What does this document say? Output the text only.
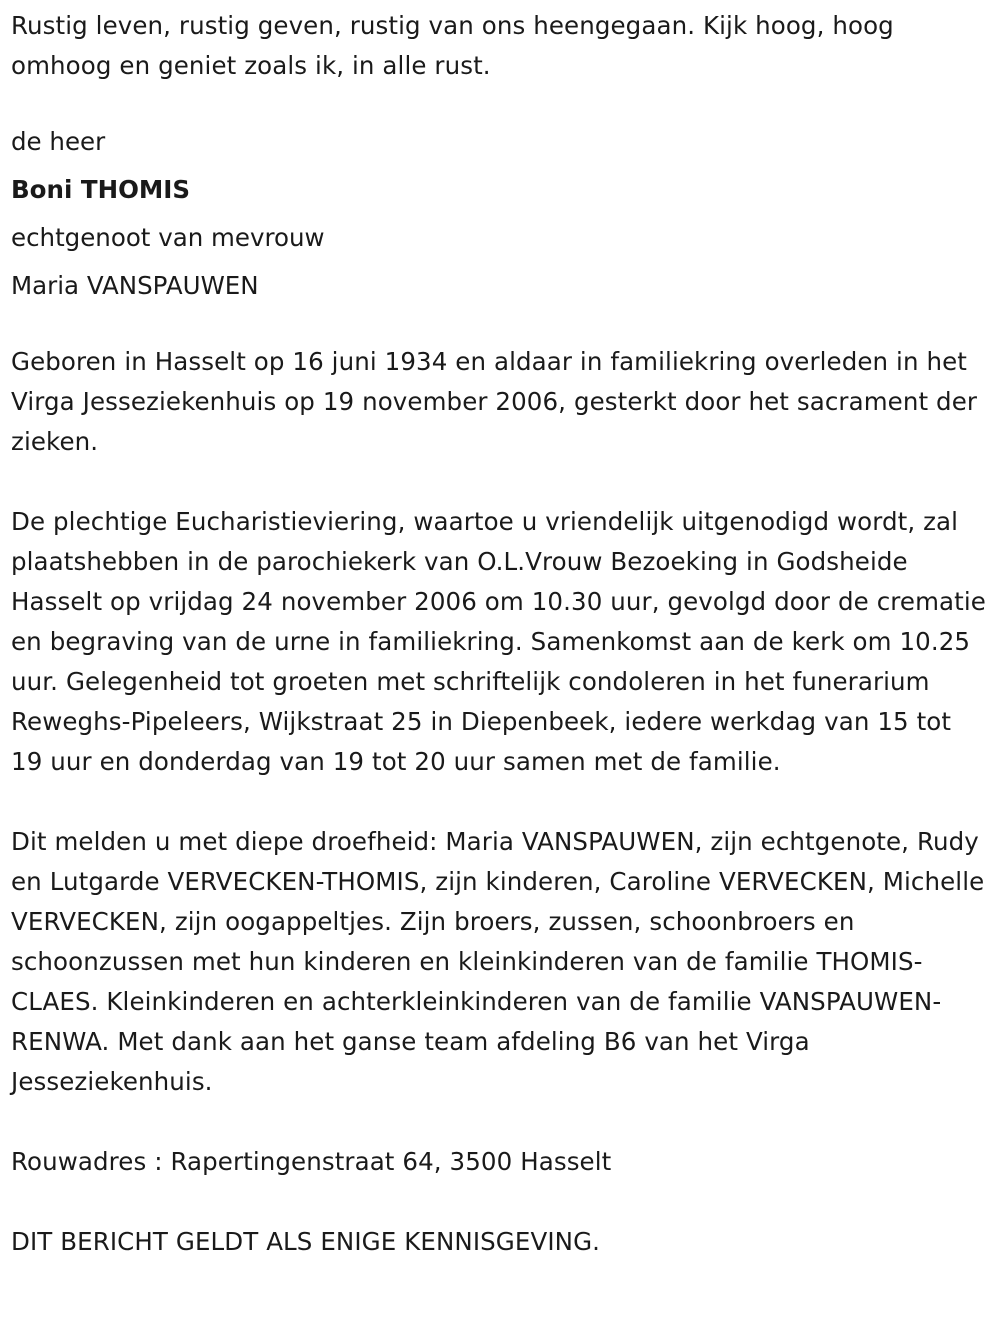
Rustig leven, rustig geven, rustig van ons heengegaan. Kijk hoog, hoog omhoog en geniet zoals ik, in alle rust.

de heer

Boni THOMIS

echtgenoot van mevrouw

Maria VANSPAUWEN

Geboren in Hasselt op 16 juni 1934 en aldaar in familiekring overleden in het Virga Jesseziekenhuis op 19 november 2006, gesterkt door het sacrament der zieken.

De plechtige Eucharistieviering, waartoe u vriendelijk uitgenodigd wordt, zal plaatshebben in de parochiekerk van O.L.Vrouw Bezoeking in Godsheide Hasselt op vrijdag 24 november 2006 om 10.30 uur, gevolgd door de crematie en begraving van de urne in familiekring. Samenkomst aan de kerk om 10.25 uur. Gelegenheid tot groeten met schriftelijk condoleren in het funerarium Reweghs-Pipeleers, Wijkstraat 25 in Diepenbeek, iedere werkdag van 15 tot 19 uur en donderdag van 19 tot 20 uur samen met de familie.

Dit melden u met diepe droefheid: Maria VANSPAUWEN, zijn echtgenote, Rudy en Lutgarde VERVECKEN-THOMIS, zijn kinderen, Caroline VERVECKEN, Michelle VERVECKEN, zijn oogappeltjes. Zijn broers, zussen, schoonbroers en schoonzussen met hun kinderen en kleinkinderen van de familie THOMIS-CLAES. Kleinkinderen en achterkleinkinderen van de familie VANSPAUWEN-RENWA. Met dank aan het ganse team afdeling B6 van het Virga Jesseziekenhuis.

Rouwadres : Rapertingenstraat 64, 3500 Hasselt

DIT BERICHT GELDT ALS ENIGE KENNISGEVING.
